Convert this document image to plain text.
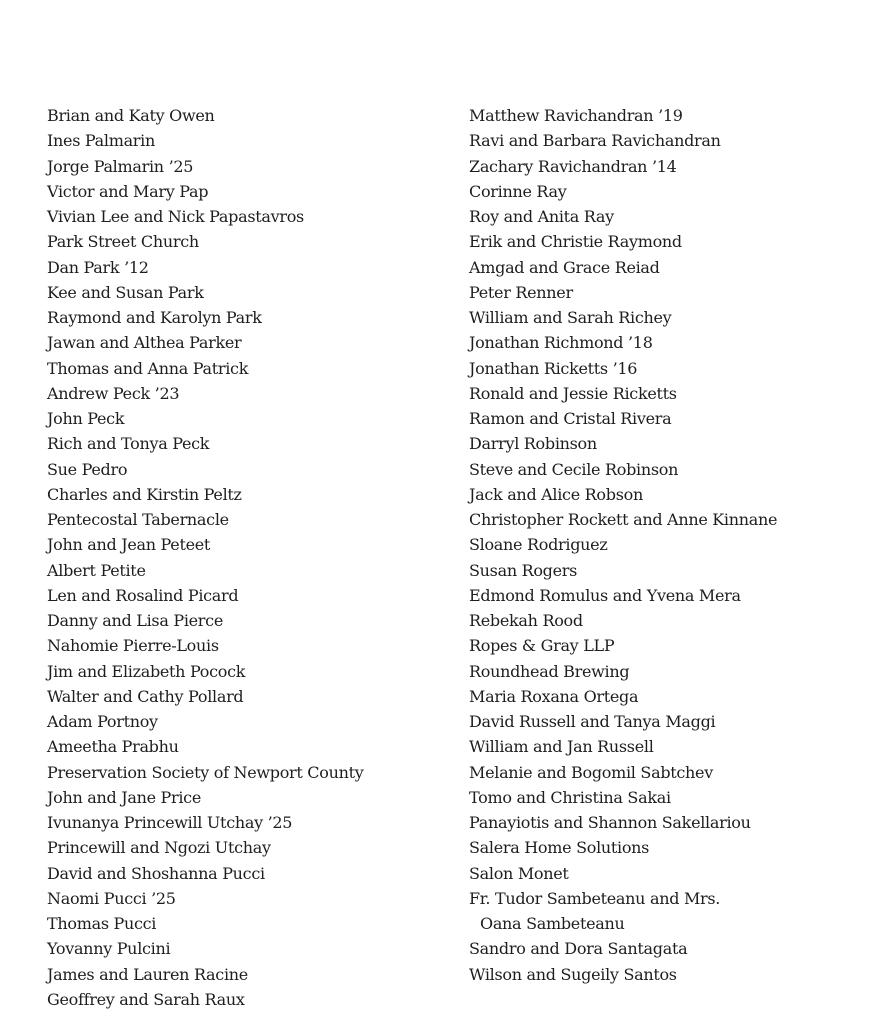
Brian and Katy Owen
Ines Palmarin
Jorge Palmarin ’25
Victor and Mary Pap
Vivian Lee and Nick Papastavros
Park Street Church
Dan Park ’12
Kee and Susan Park
Raymond and Karolyn Park
Jawan and Althea Parker
Thomas and Anna Patrick
Andrew Peck ’23
John Peck
Rich and Tonya Peck
Sue Pedro
Charles and Kirstin Peltz
Pentecostal Tabernacle
John and Jean Peteet
Albert Petite
Len and Rosalind Picard
Danny and Lisa Pierce
Nahomie Pierre-Louis
Jim and Elizabeth Pocock
Walter and Cathy Pollard
Adam Portnoy
Ameetha Prabhu
Preservation Society of Newport County
John and Jane Price
Ivunanya Princewill Utchay ’25
Princewill and Ngozi Utchay
David and Shoshanna Pucci
Naomi Pucci ’25
Thomas Pucci
Yovanny Pulcini
James and Lauren Racine
Geoffrey and Sarah Raux
Matthew Ravichandran ’19
Ravi and Barbara Ravichandran
Zachary Ravichandran ’14
Corinne Ray
Roy and Anita Ray
Erik and Christie Raymond
Amgad and Grace Reiad
Peter Renner
William and Sarah Richey
Jonathan Richmond ’18
Jonathan Ricketts ’16
Ronald and Jessie Ricketts
Ramon and Cristal Rivera
Darryl Robinson
Steve and Cecile Robinson
Jack and Alice Robson
Christopher Rockett and Anne Kinnane
Sloane Rodriguez
Susan Rogers
Edmond Romulus and Yvena Mera
Rebekah Rood
Ropes & Gray LLP
Roundhead Brewing
Maria Roxana Ortega
David Russell and Tanya Maggi
William and Jan Russell
Melanie and Bogomil Sabtchev
Tomo and Christina Sakai
Panayiotis and Shannon Sakellariou
Salera Home Solutions
Salon Monet
Fr. Tudor Sambeteanu and Mrs.
Oana Sambeteanu
Sandro and Dora Santagata
Wilson and Sugeily Santos
